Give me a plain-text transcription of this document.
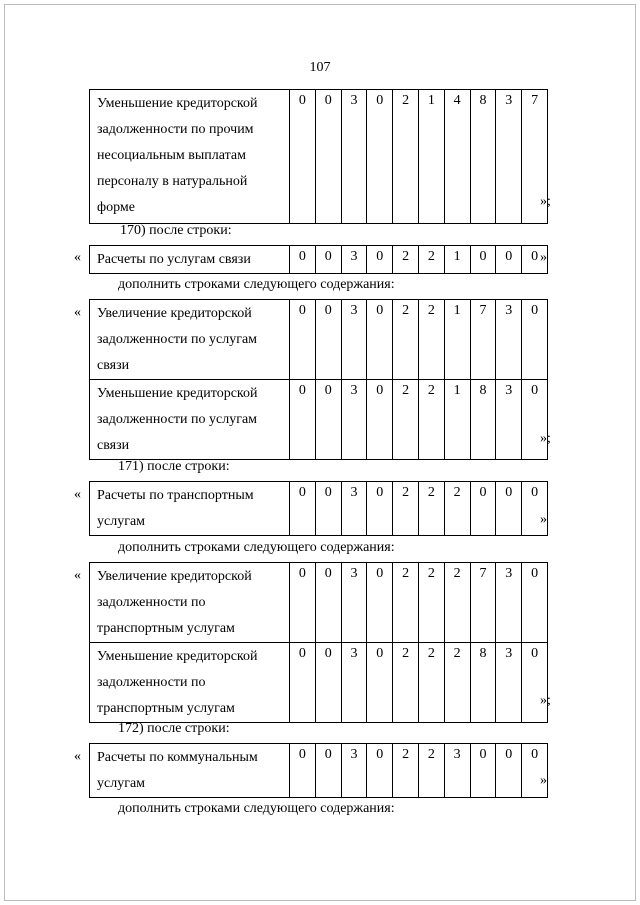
107
Уменьшение кредиторской
задолженности по прочим
несоциальным выплатам
персоналу в натуральной
форме
	0	0	3	0	2	1	4	8	3	7
»;
170) после строки:
« Расчеты по услугам связи	0	0	3	0	2	2	1	0	0	0 »
дополнить строками следующего содержания:
« Увеличение кредиторской
задолженности по услугам
связи	0	0	3	0	2	2	1	7	3	0

Уменьшение кредиторской
задолженности по услугам
связи	0	0	3	0	2	2	1	8	3	0
»;
171) после строки:
« Расчеты по транспортным
услугам
	0	0	3	0	2	2	2	0	0	0
»
дополнить строками следующего содержания:
« Увеличение кредиторской
задолженности по
транспортным услугам	0	0	3	0	2	2	2	7	3	0

Уменьшение кредиторской
задолженности по
транспортным услугам	0	0	3	0	2	2	2	8	3	0
»;
172) после строки:
« Расчеты по коммунальным
услугам
	0	0	3	0	2	2	3	0	0	0
»
дополнить строками следующего содержания:
